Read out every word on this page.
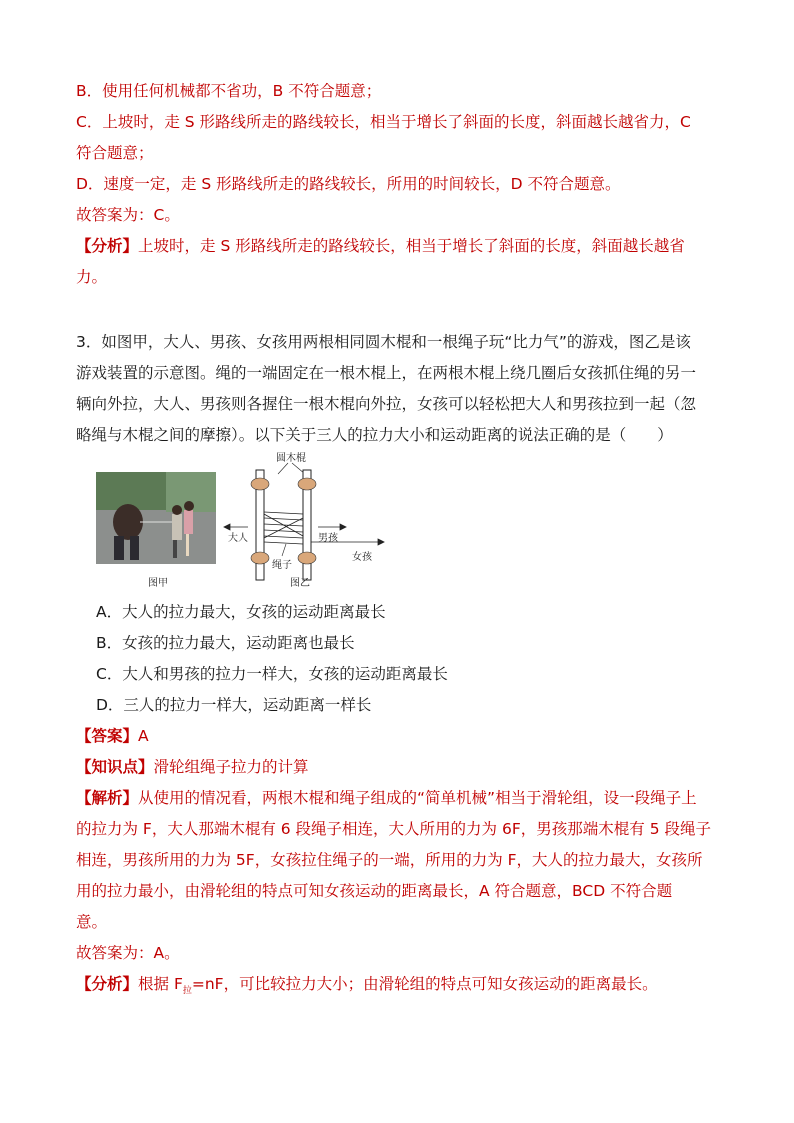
B．使用任何机械都不省功，B 不符合题意；
C．上坡时，走 S 形路线所走的路线较长，相当于增长了斜面的长度，斜面越长越省力，C
符合题意；
D．速度一定，走 S 形路线所走的路线较长，所用的时间较长，D 不符合题意。
故答案为：C。
【分析】上坡时，走 S 形路线所走的路线较长，相当于增长了斜面的长度，斜面越长越省
力。
3．如图甲，大人、男孩、女孩用两根相同圆木棍和一根绳子玩“比力气”的游戏，图乙是该
游戏装置的示意图。绳的一端固定在一根木棍上，在两根木棍上绕几圈后女孩抓住绳的另一
辆向外拉，大人、男孩则各握住一根木棍向外拉，女孩可以轻松把大人和男孩拉到一起（忽
略绳与木棍之间的摩擦）。以下关于三人的拉力大小和运动距离的说法正确的是（　　）
图甲
圆木棍
大人	男孩
女孩
绳子
图乙
A．大人的拉力最大，女孩的运动距离最长
B．女孩的拉力最大，运动距离也最长
C．大人和男孩的拉力一样大，女孩的运动距离最长
D．三人的拉力一样大，运动距离一样长
【答案】A
【知识点】滑轮组绳子拉力的计算
【解析】从使用的情况看，两根木棍和绳子组成的“简单机械”相当于滑轮组，设一段绳子上
的拉力为 F，大人那端木棍有 6 段绳子相连，大人所用的力为 6F，男孩那端木棍有 5 段绳子
相连，男孩所用的力为 5F，女孩拉住绳子的一端，所用的力为 F，大人的拉力最大，女孩所
用的拉力最小，由滑轮组的特点可知女孩运动的距离最长，A 符合题意，BCD 不符合题
意。
故答案为：A。
【分析】根据 $F_拉=nF$，可比较拉力大小；由滑轮组的特点可知女孩运动的距离最长。
